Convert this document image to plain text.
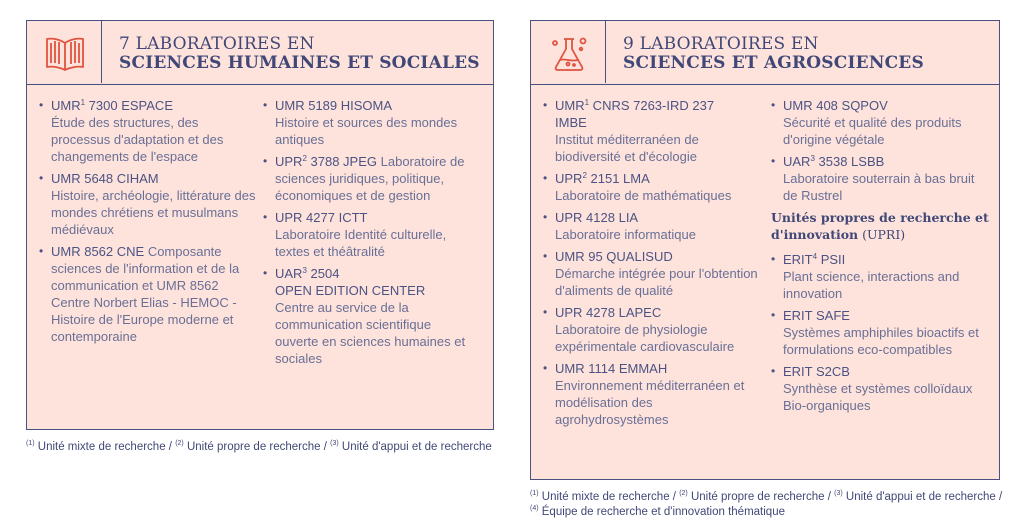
7 LABORATOIRES EN
SCIENCES HUMAINES ET SOCIALES
• UMR$^1$ 7300 ESPACE
Étude des structures, des processus d'adaptation et des changements de l'espace
• UMR 5648 CIHAM
Histoire, archéologie, littérature des mondes chrétiens et musulmans médiévaux
• UMR 8562 CNE Composante sciences de l'information et de la communication et UMR 8562 Centre Norbert Elias - HEMOC - Histoire de l'Europe moderne et contemporaine
• UMR 5189 HISOMA
Histoire et sources des mondes antiques
• UPR$^2$ 3788 JPEG Laboratoire de sciences juridiques, politique, économiques et de gestion
• UPR 4277 ICTT
Laboratoire Identité culturelle, textes et théâtralité
• UAR$^3$ 2504
OPEN EDITION CENTER
Centre au service de la communication scientifique ouverte en sciences humaines et sociales
$^{(1)}$ Unité mixte de recherche / $^{(2)}$ Unité propre de recherche / $^{(3)}$ Unité d'appui et de recherche
9 LABORATOIRES EN
SCIENCES ET AGROSCIENCES
• UMR$^1$ CNRS 7263-IRD 237
IMBE
Institut méditerranéen de biodiversité et d'écologie
• UPR$^2$ 2151 LMA
Laboratoire de mathématiques
• UPR 4128 LIA
Laboratoire informatique
• UMR 95 QUALISUD
Démarche intégrée pour l'obtention d'aliments de qualité
• UPR 4278 LAPEC
Laboratoire de physiologie expérimentale cardiovasculaire
• UMR 1114 EMMAH
Environnement méditerranéen et modélisation des agrohydrosystèmes
• UMR 408 SQPOV
Sécurité et qualité des produits d'origine végétale
• UAR$^3$ 3538 LSBB
Laboratoire souterrain à bas bruit de Rustrel
Unités propres de recherche et d'innovation (UPRI)
• ERIT$^4$ PSII
Plant science, interactions and innovation
• ERIT SAFE
Systèmes amphiphiles bioactifs et formulations eco-compatibles
• ERIT S2CB
Synthèse et systèmes colloïdaux Bio-organiques
$^{(1)}$ Unité mixte de recherche / $^{(2)}$ Unité propre de recherche / $^{(3)}$ Unité d'appui et de recherche / $^{(4)}$ Équipe de recherche et d'innovation thématique
